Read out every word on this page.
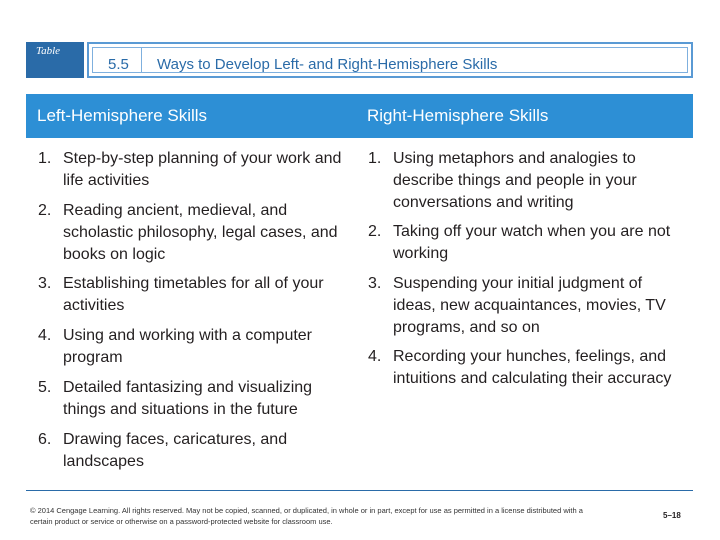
Table
5.5 Ways to Develop Left- and Right-Hemisphere Skills
Left-Hemisphere Skills	Right-Hemisphere Skills
1. Step-by-step planning of your work and life activities
2. Reading ancient, medieval, and scholastic philosophy, legal cases, and books on logic
3. Establishing timetables for all of your activities
4. Using and working with a computer program
5. Detailed fantasizing and visualizing things and situations in the future
6. Drawing faces, caricatures, and landscapes
1. Using metaphors and analogies to describe things and people in your conversations and writing
2. Taking off your watch when you are not working
3. Suspending your initial judgment of ideas, new acquaintances, movies, TV programs, and so on
4. Recording your hunches, feelings, and intuitions and calculating their accuracy
© 2014 Cengage Learning. All rights reserved. May not be copied, scanned, or duplicated, in whole or in part, except for use as permitted in a license distributed with a certain product or service or otherwise on a password-protected website for classroom use.
5–18
